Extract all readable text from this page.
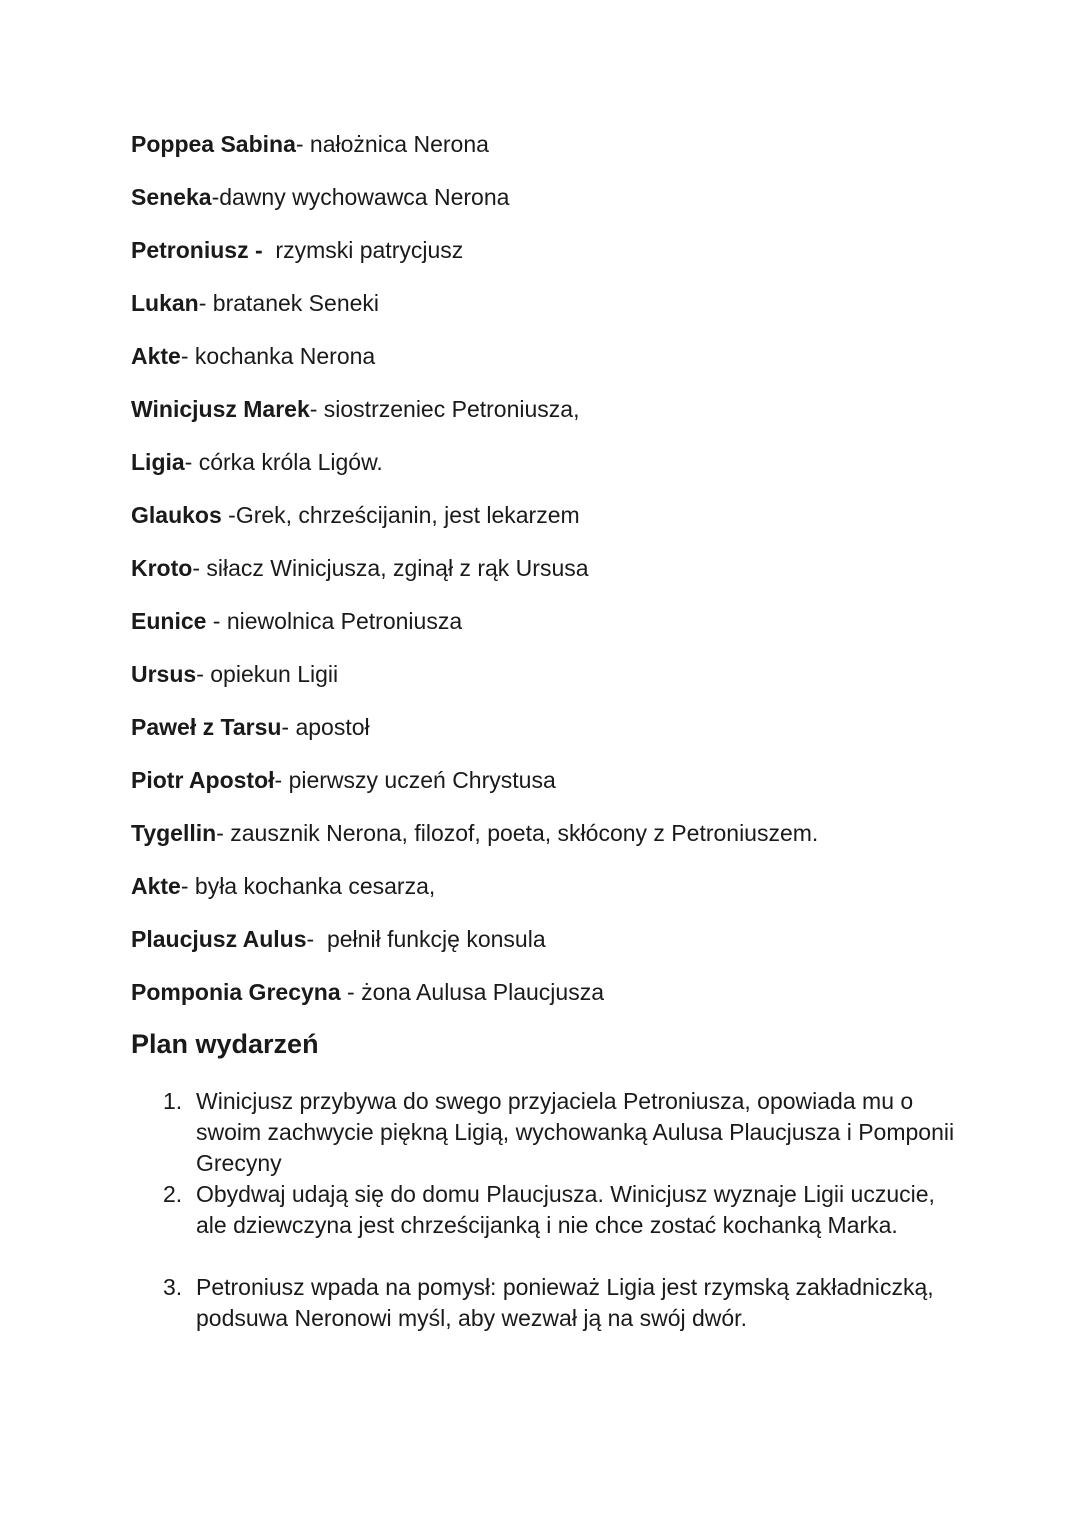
Poppea Sabina- nałożnica Nerona
Seneka-dawny wychowawca Nerona
Petroniusz -  rzymski patrycjusz
Lukan- bratanek Seneki
Akte- kochanka Nerona
Winicjusz Marek- siostrzeniec Petroniusza,
Ligia- córka króla Ligów.
Glaukos -Grek, chrześcijanin, jest lekarzem
Kroto- siłacz Winicjusza, zginął z rąk Ursusa
Eunice - niewolnica Petroniusza
Ursus- opiekun Ligii
Paweł z Tarsu- apostoł
Piotr Apostoł- pierwszy uczeń Chrystusa
Tygellin- zausznik Nerona, filozof, poeta, skłócony z Petroniuszem.
Akte- była kochanka cesarza,
Plaucjusz Aulus-  pełnił funkcję konsula
Pomponia Grecyna - żona Aulusa Plaucjusza
Plan wydarzeń
1. Winicjusz przybywa do swego przyjaciela Petroniusza, opowiada mu o swoim zachwycie piękną Ligią, wychowanką Aulusa Plaucjusza i Pomponii Grecyny
2. Obydwaj udają się do domu Plaucjusza. Winicjusz wyznaje Ligii uczucie, ale dziewczyna jest chrześcijanką i nie chce zostać kochanką Marka.
3. Petroniusz wpada na pomysł: ponieważ Ligia jest rzymską zakładniczką, podsuwa Neronowi myśl, aby wezwał ją na swój dwór.
